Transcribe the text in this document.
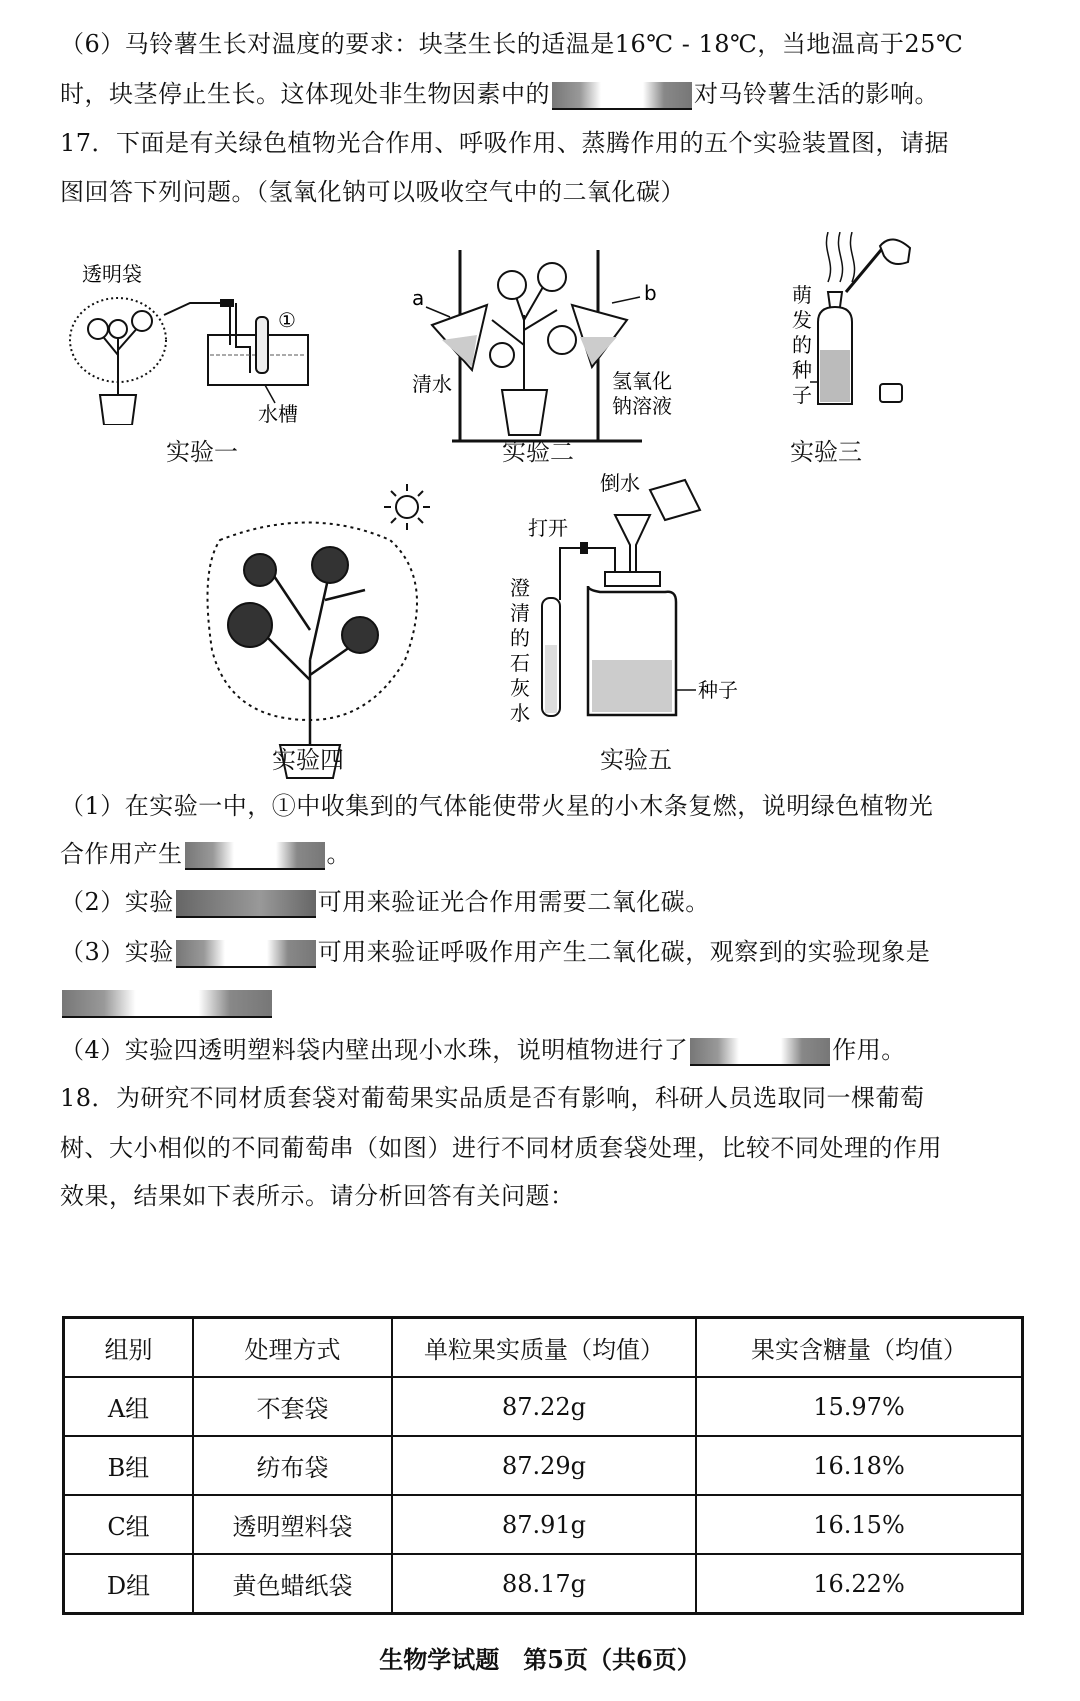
（6）马铃薯生长对温度的要求：块茎生长的适温是16℃ - 18℃，当地温高于25℃
时，块茎停止生长。这体现处非生物因素中的	对马铃薯生活的影响。
17．下面是有关绿色植物光合作用、呼吸作用、蒸腾作用的五个实验装置图，请据
图回答下列问题。（氢氧化钠可以吸收空气中的二氧化碳）
透明袋
①
水槽
实验一
a	b
清水	氢氧化
钠溶液
实验二
萌
发
的
种
子
实验三
实验四
倒水
打开
澄
清
的
石
灰
水
种子
实验五
（1）在实验一中，①中收集到的气体能使带火星的小木条复燃，说明绿色植物光
合作用产生	。
（2）实验	可用来验证光合作用需要二氧化碳。
（3）实验	可用来验证呼吸作用产生二氧化碳，观察到的实验现象是
（4）实验四透明塑料袋内壁出现小水珠，说明植物进行了	作用。
18．为研究不同材质套袋对葡萄果实品质是否有影响，科研人员选取同一棵葡萄
树、大小相似的不同葡萄串（如图）进行不同材质套袋处理，比较不同处理的作用
效果，结果如下表所示。请分析回答有关问题：
组别	处理方式	单粒果实质量（均值）	果实含糖量（均值）
A组	不套袋	87.22g	15.97%
B组	纺布袋	87.29g	16.18%
C组	透明塑料袋	87.91g	16.15%
D组	黄色蜡纸袋	88.17g	16.22%
生物学试题　第5页（共6页）
